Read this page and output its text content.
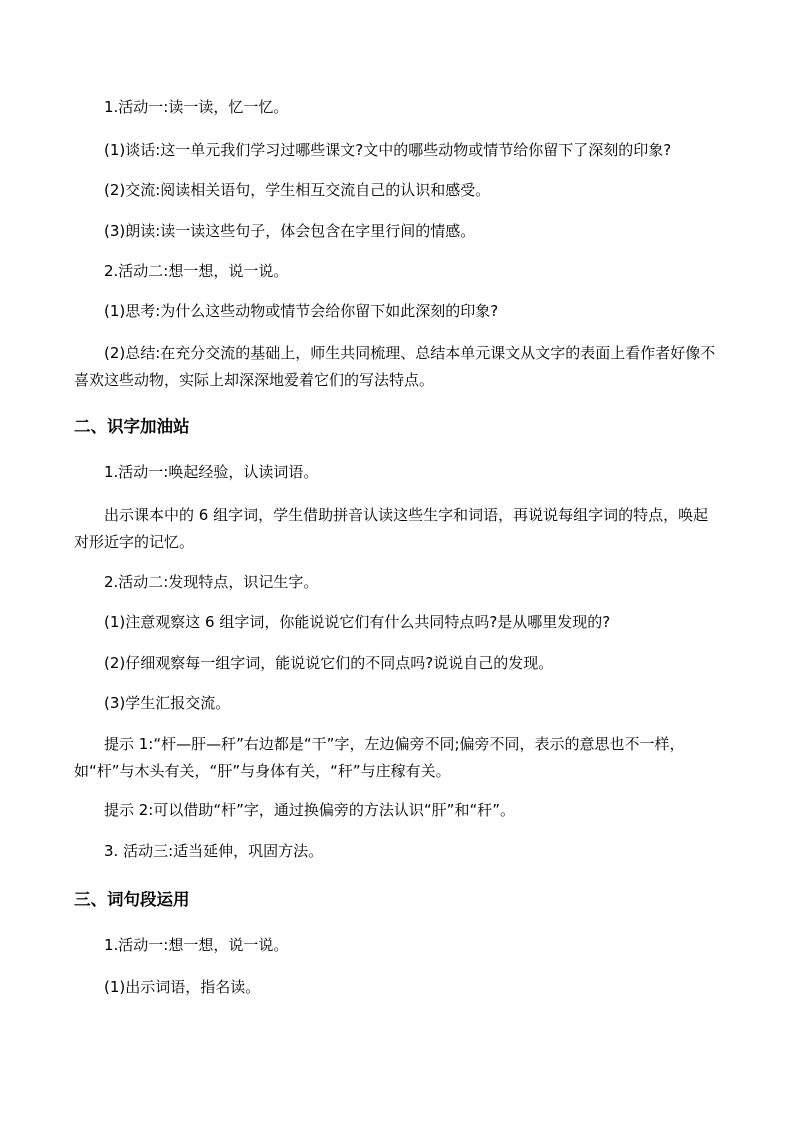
1.活动一:读一读，忆一忆。

(1)谈话:这一单元我们学习过哪些课文?文中的哪些动物或情节给你留下了深刻的印象?

(2)交流:阅读相关语句，学生相互交流自己的认识和感受。

(3)朗读:读一读这些句子，体会包含在字里行间的情感。

2.活动二:想一想，说一说。

(1)思考:为什么这些动物或情节会给你留下如此深刻的印象?

(2)总结:在充分交流的基础上，师生共同梳理、总结本单元课文从文字的表面上看作者好像不喜欢这些动物，实际上却深深地爱着它们的写法特点。

二、识字加油站

1.活动一:唤起经验，认读词语。

出示课本中的 6 组字词，学生借助拼音认读这些生字和词语，再说说每组字词的特点，唤起对形近字的记忆。

2.活动二:发现特点，识记生字。

(1)注意观察这 6 组字词，你能说说它们有什么共同特点吗?是从哪里发现的?

(2)仔细观察每一组字词，能说说它们的不同点吗?说说自己的发现。

(3)学生汇报交流。

提示 1:“杆—肝—秆”右边都是“干”字，左边偏旁不同;偏旁不同，表示的意思也不一样，如“杆”与木头有关，“肝”与身体有关，“秆”与庄稼有关。

提示 2:可以借助“杆”字，通过换偏旁的方法认识“肝”和“秆”。

3. 活动三:适当延伸，巩固方法。

三、词句段运用

1.活动一:想一想，说一说。

(1)出示词语，指名读。
